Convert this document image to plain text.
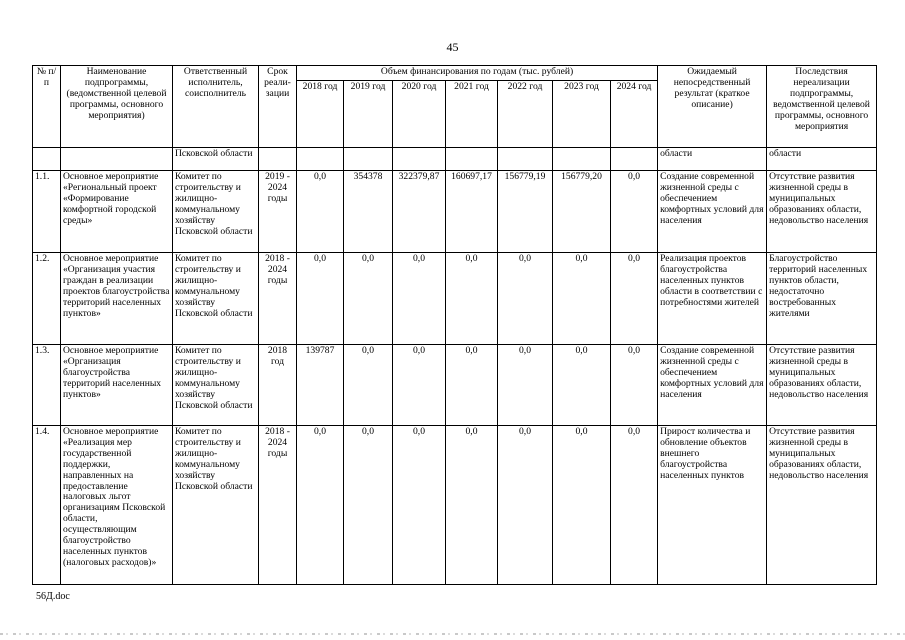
45
№ п/п	Наименование подпрограммы, (ведомственной целевой программы, основного мероприятия)	Ответственный исполнитель, соисполнитель	Срок реали- зации	Объем финансирования по годам (тыс. рублей)							Ожидаемый непосредственный результат (краткое описание)	Последствия нереализации подпрограммы, ведомственной целевой программы, основного мероприятия
				2018 год	2019 год	2020 год	2021 год	2022 год	2023 год	2024 год		
		Псковской области									области	области
1.1.	Основное мероприятие «Региональный проект «Формирование комфортной городской среды»	Комитет по строительству и жилищно-коммунальному хозяйству Псковской области	2019 - 2024 годы	0,0	354378	322379,87	160697,17	156779,19	156779,20	0,0	Создание современной жизненной среды с обеспечением комфортных условий для населения	Отсутствие развития жизненной среды в муниципальных образованиях области, недовольство населения
1.2.	Основное мероприятие «Организация участия граждан в реализации проектов благоустройства территорий населенных пунктов»	Комитет по строительству и жилищно-коммунальному хозяйству Псковской области	2018 - 2024 годы	0,0	0,0	0,0	0,0	0,0	0,0	0,0	Реализация проектов благоустройства населенных пунктов области в соответствии с потребностями жителей	Благоустройство территорий населенных пунктов области, недостаточно востребованных жителями
1.3.	Основное мероприятие «Организация благоустройства территорий населенных пунктов»	Комитет по строительству и жилищно-коммунальному хозяйству Псковской области	2018 год	139787	0,0	0,0	0,0	0,0	0,0	0,0	Создание современной жизненной среды с обеспечением комфортных условий для населения	Отсутствие развития жизненной среды в муниципальных образованиях области, недовольство населения
1.4.	Основное мероприятие «Реализация мер государственной поддержки, направленных на предоставление налоговых льгот организациям Псковской области, осуществляющим благоустройство населенных пунктов (налоговых расходов)»	Комитет по строительству и жилищно-коммунальному хозяйству Псковской области	2018 - 2024 годы	0,0	0,0	0,0	0,0	0,0	0,0	0,0	Прирост количества и обновление объектов внешнего благоустройства населенных пунктов	Отсутствие развития жизненной среды в муниципальных образованиях области, недовольство населения
56Д.doc
